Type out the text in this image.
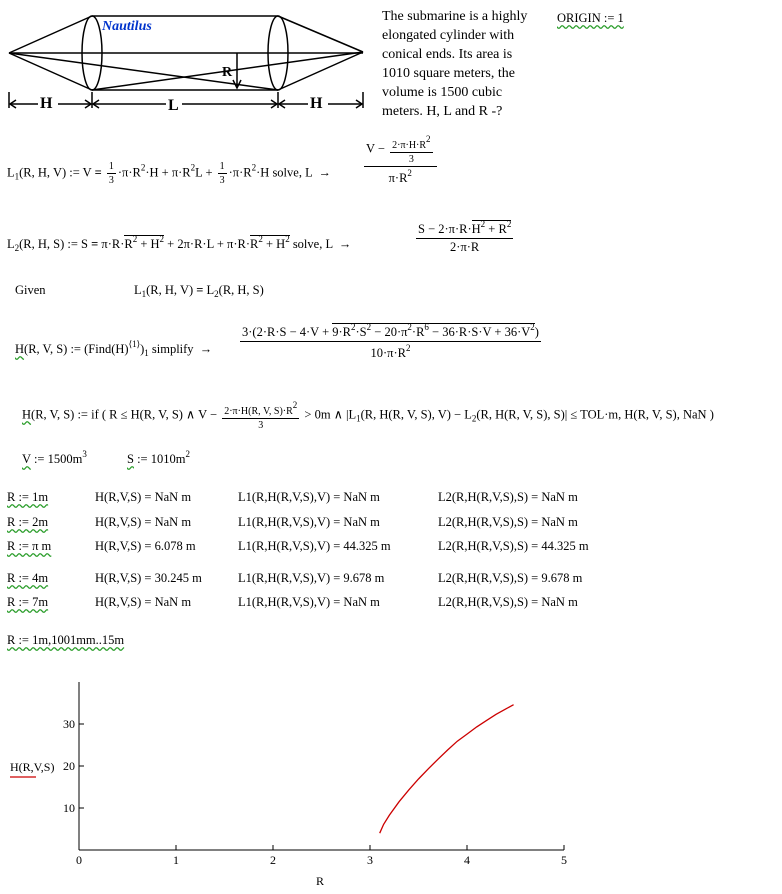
Nautilus
R
H	L	H
The submarine is a highly elongated cylinder with conical ends. Its area is 1010 square meters, the volume is 1500 cubic meters. H, L and R -?
ORIGIN := 1
$L_1(R$, H, V) := $V = \frac{1}{3} \cdot\pi\cdot R^2\cdot H + \pi\cdot R^2L + \frac{1}{3} \cdot\pi\cdot R^2\cdot H$ solve, L  →	$\frac{V - \frac{2\cdot\pi\cdot H\cdot R^2}{3}}{\pi\cdot R^2}$
$L_2(R$, H, S) := $S = \pi\cdot R\cdot R^2 + H^2 + 2\pi\cdot R\cdot L + \pi\cdot R\cdot R^2 + H^2$ solve, L  →	$\frac{S - 2\cdot\pi\cdot R\cdot H^2 + R^2}{2\cdot\pi\cdot R}$
Given	$L_1(R$, H, $V) = L_2(R$, H, S)
H(R, V, S) := $(Find(H)^{⟨1⟩})_1$ simplify  → $\frac{3\cdot(2\cdot R\cdot S - 4\cdot V + 9\cdot R^2\cdot S^2 - 20\cdot\pi^2\cdot R^6 - 36\cdot R\cdot S\cdot V + 36\cdot V^2)}{10\cdot\pi\cdot R^2}$
H(R, V, S) := if ( R ≤ H(R, V, S) ∧ $V - \frac{2\cdot\pi\cdot H(R, V, S)\cdot R^2}{3} > 0m$ ∧ $|L_1(R$, H(R, V, S), $V) - L_2(R$, H(R, V, S), S)| ≤ TOL·m, H(R, V, S), NaN )
V := $1500m^3$	S := $1010m^2$
R := 1m	H(R,V,S) = NaN m	L1(R,H(R,V,S),V) = NaN m	L2(R,H(R,V,S),S) = NaN m
R := 2m	H(R,V,S) = NaN m	L1(R,H(R,V,S),V) = NaN m	L2(R,H(R,V,S),S) = NaN m
R := π m	H(R,V,S) = 6.078 m	L1(R,H(R,V,S),V) = 44.325 m	L2(R,H(R,V,S),S) = 44.325 m
R := 4m	H(R,V,S) = 30.245 m	L1(R,H(R,V,S),V) = 9.678 m	L2(R,H(R,V,S),S) = 9.678 m
R := 7m	H(R,V,S) = NaN m	L1(R,H(R,V,S),V) = NaN m	L2(R,H(R,V,S),S) = NaN m
R := 1m,1001mm..15m
0	1	2	3	4	5
10
20
30
H(R,V,S)
R
